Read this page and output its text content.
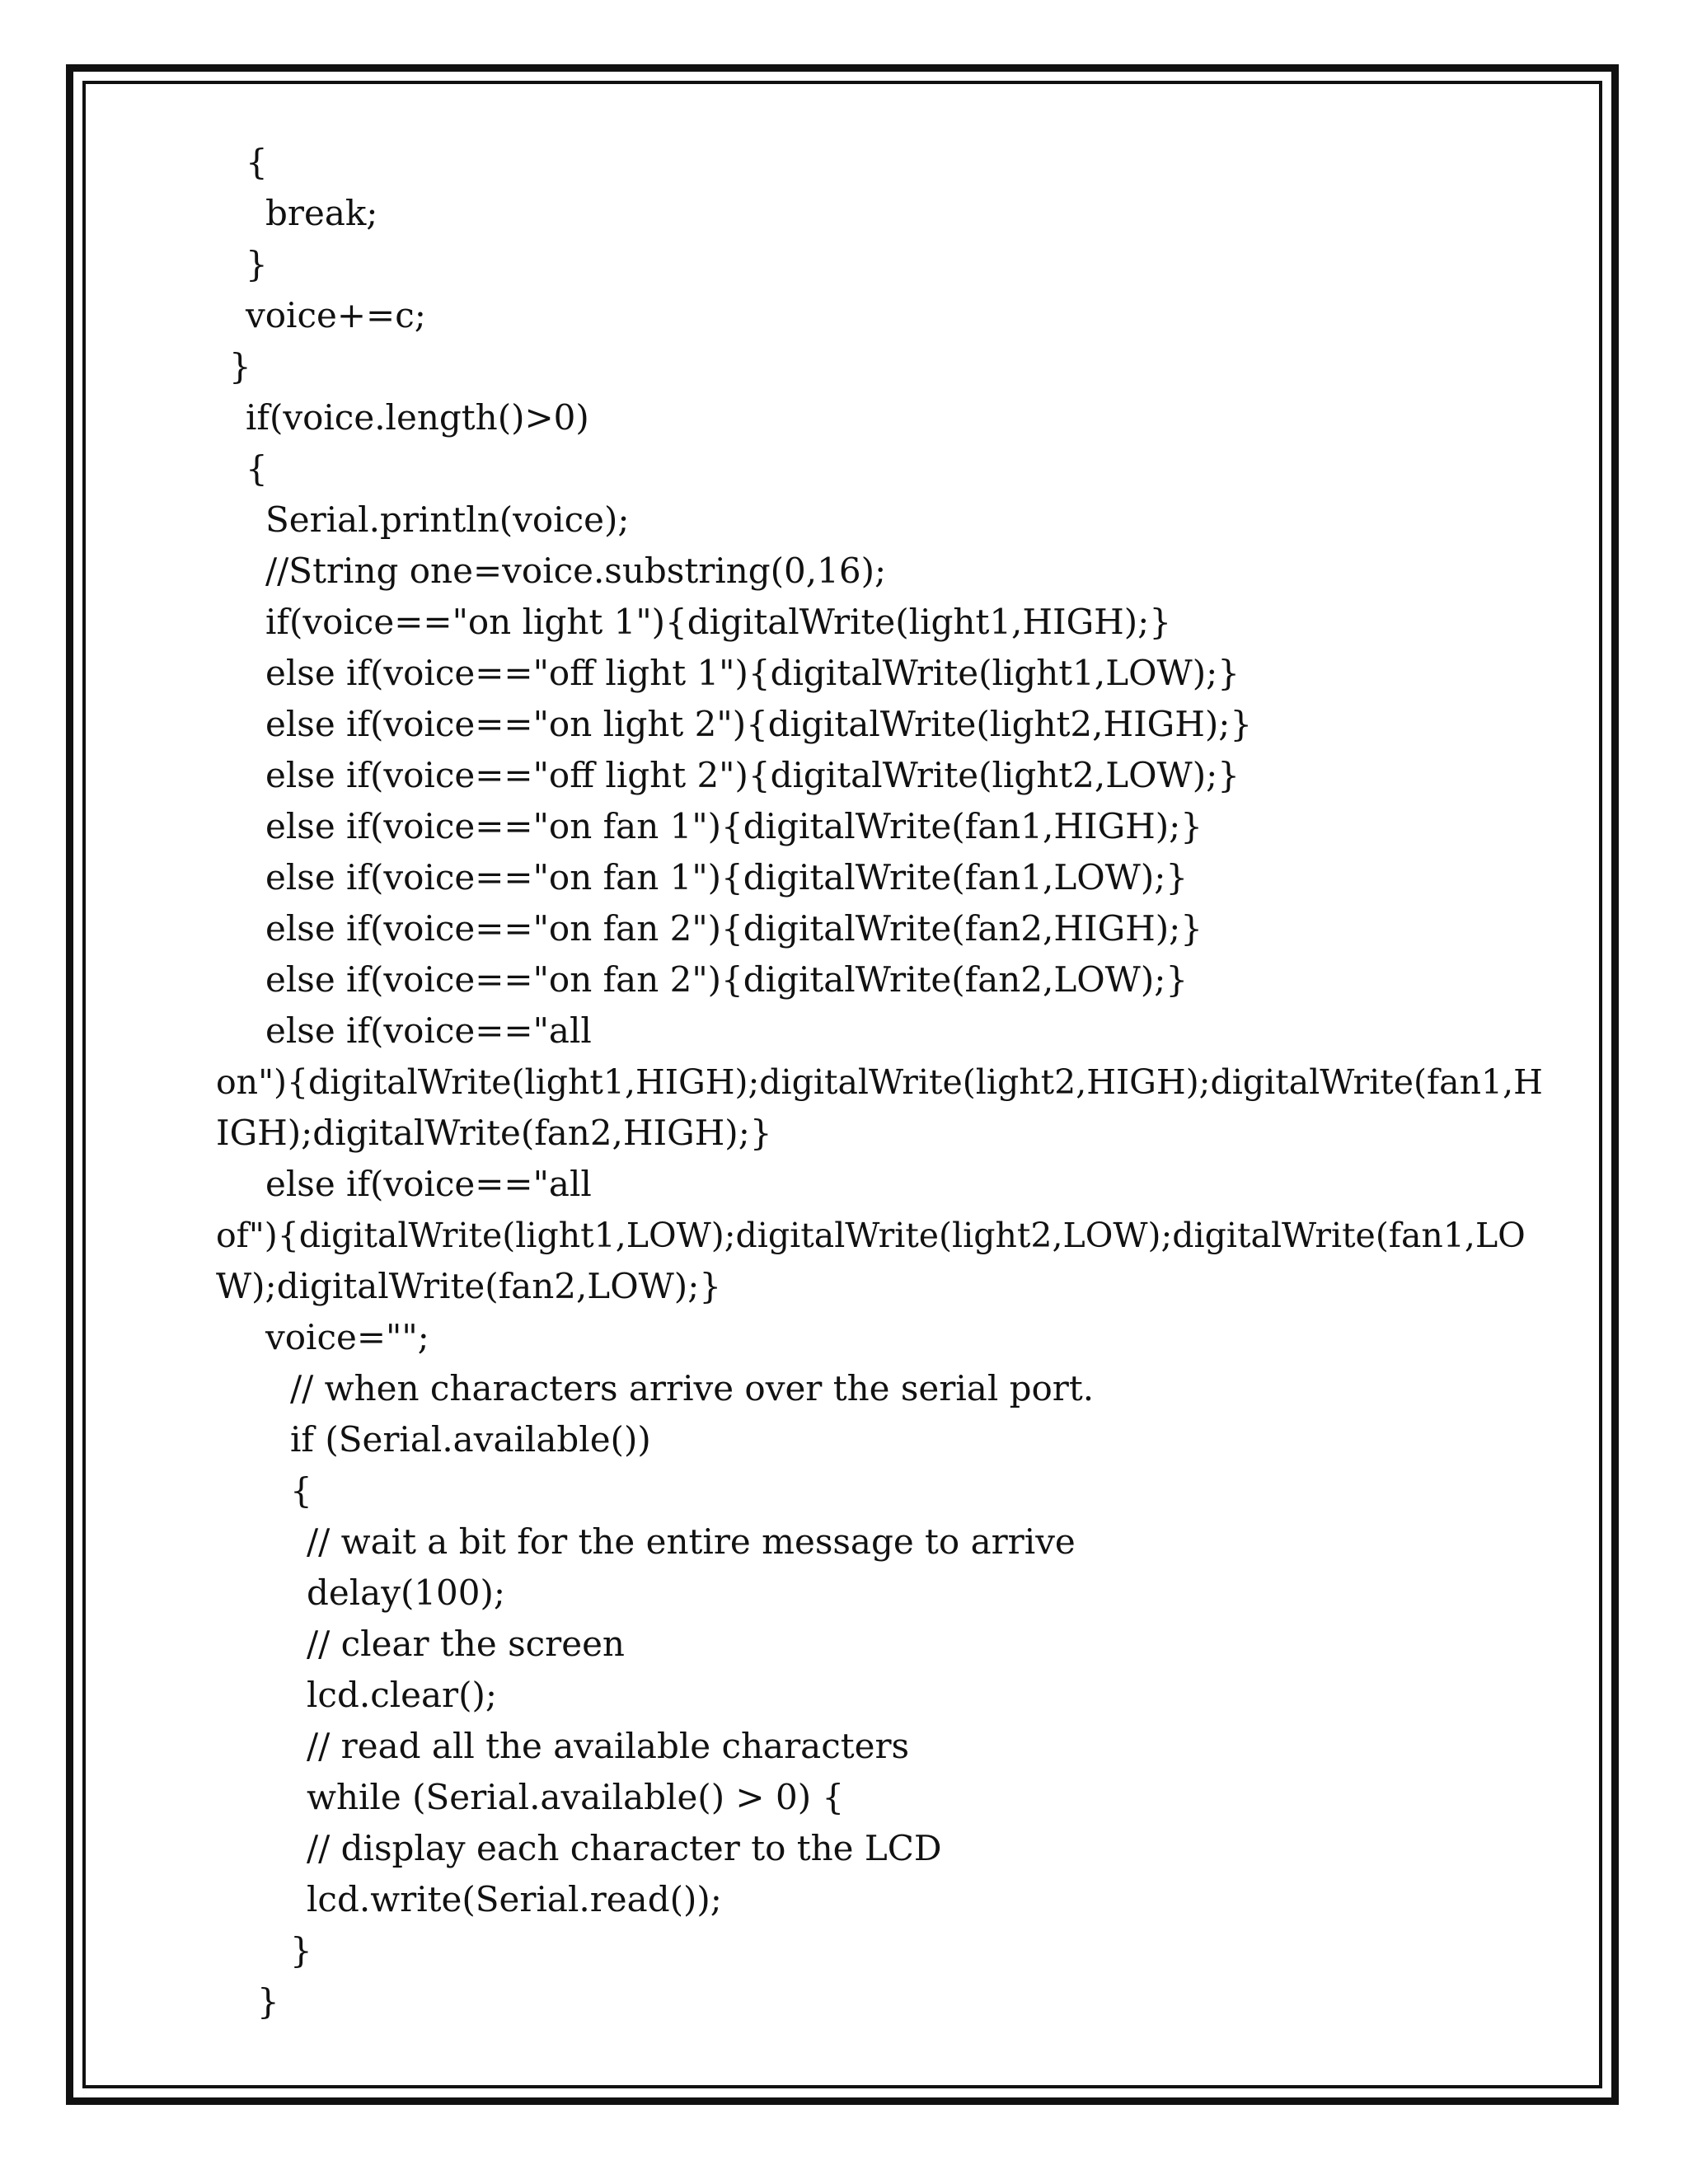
{
break;
}
voice+=c;
}
if(voice.length()>0)
{
Serial.println(voice);
//String one=voice.substring(0,16);
if(voice=="on light 1"){digitalWrite(light1,HIGH);}
else if(voice=="off light 1"){digitalWrite(light1,LOW);}
else if(voice=="on light 2"){digitalWrite(light2,HIGH);}
else if(voice=="off light 2"){digitalWrite(light2,LOW);}
else if(voice=="on fan 1"){digitalWrite(fan1,HIGH);}
else if(voice=="on fan 1"){digitalWrite(fan1,LOW);}
else if(voice=="on fan 2"){digitalWrite(fan2,HIGH);}
else if(voice=="on fan 2"){digitalWrite(fan2,LOW);}
else if(voice=="all
on"){digitalWrite(light1,HIGH);digitalWrite(light2,HIGH);digitalWrite(fan1,H
IGH);digitalWrite(fan2,HIGH);}
else if(voice=="all
of"){digitalWrite(light1,LOW);digitalWrite(light2,LOW);digitalWrite(fan1,LO
W);digitalWrite(fan2,LOW);}
voice="";
// when characters arrive over the serial port.
if (Serial.available())
{
// wait a bit for the entire message to arrive
delay(100);
// clear the screen
lcd.clear();
// read all the available characters
while (Serial.available() > 0) {
// display each character to the LCD
lcd.write(Serial.read());
}
}
